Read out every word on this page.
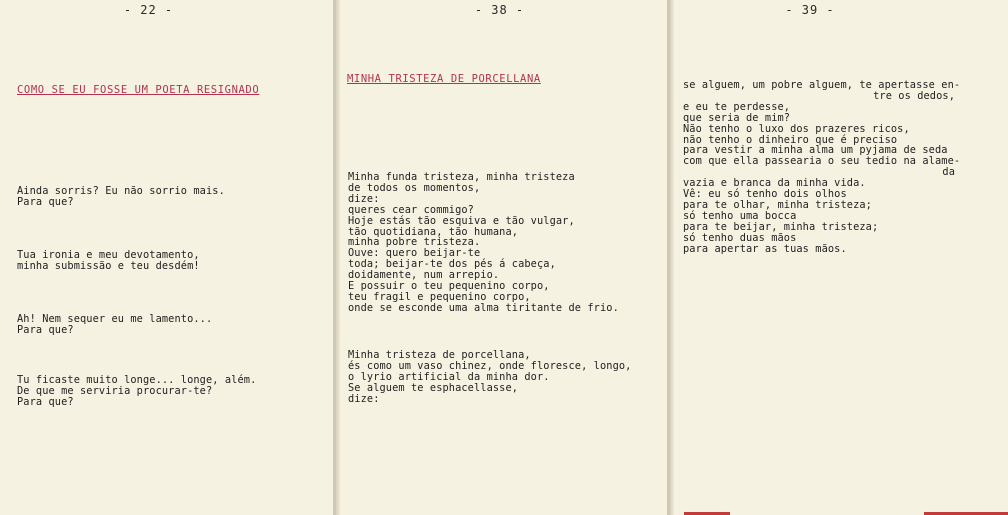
- 22 -
COMO SE EU FOSSE UM POETA RESIGNADO
Ainda sorris? Eu não sorrio mais.
Para que?
Tua ironia e meu devotamento,
minha submissão e teu desdém!
Ah! Nem sequer eu me lamento...
Para que?
Tu ficaste muito longe... longe, além.
De que me serviria procurar-te?
Para que?
- 38 -
MINHA TRISTEZA DE PORCELLANA
Minha funda tristeza, minha tristeza
de todos os momentos,
dize:
queres cear commigo?
Hoje estás tão esquiva e tão vulgar,
tão quotidiana, tão humana,
minha pobre tristeza.
Ouve: quero beijar-te
toda; beijar-te dos pés á cabeça,
doidamente, num arrepio.
E possuir o teu pequenino corpo,
teu fragil e pequenino corpo,
onde se esconde uma alma tiritante de frio.
Minha tristeza de porcellana,
és como um vaso chinez, onde floresce, longo,
o lyrio artificial da minha dor.
Se alguem te esphacellasse,
dize:
- 39 -
se alguem, um pobre alguem, te apertasse en-
tre os dedos,
e eu te perdesse,
que seria de mim?
Não tenho o luxo dos prazeres ricos,
não tenho o dinheiro que é preciso
para vestir a minha alma um pyjama de seda
com que ella passearia o seu tedio na alame-
da
vazia e branca da minha vida.
Vê: eu só tenho dois olhos
para te olhar, minha tristeza;
só tenho uma bocca
para te beijar, minha tristeza;
só tenho duas mãos
para apertar as tuas mãos.
